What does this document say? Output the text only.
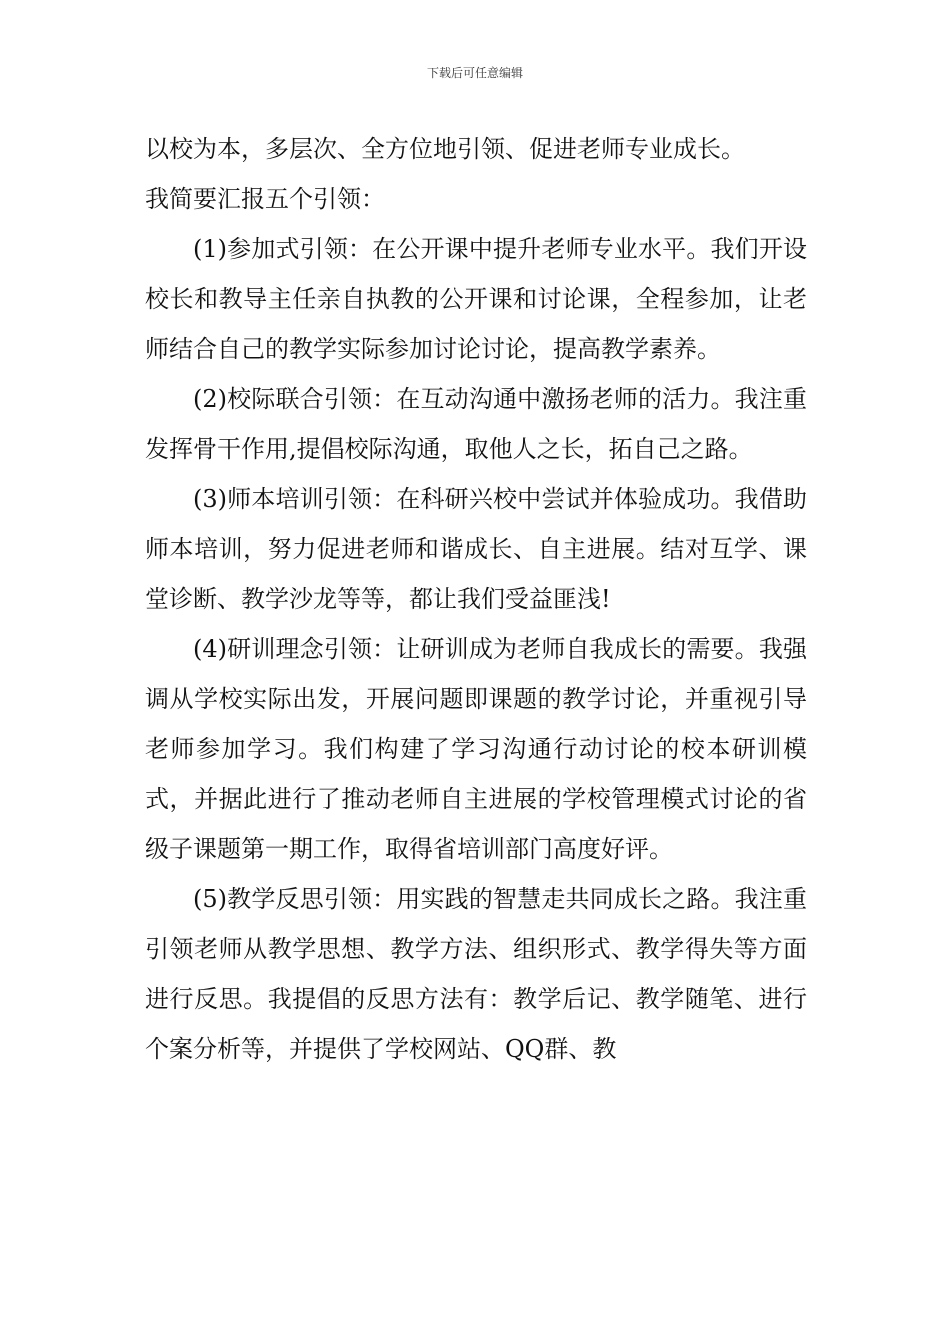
下载后可任意编辑

以校为本，多层次、全方位地引领、促进老师专业成长。

我简要汇报五个引领：

(1)参加式引领：在公开课中提升老师专业水平。我们开设校长和教导主任亲自执教的公开课和讨论课，全程参加，让老师结合自己的教学实际参加讨论讨论，提高教学素养。

(2)校际联合引领：在互动沟通中激扬老师的活力。我注重发挥骨干作用,提倡校际沟通，取他人之长，拓自己之路。

(3)师本培训引领：在科研兴校中尝试并体验成功。我借助师本培训，努力促进老师和谐成长、自主进展。结对互学、课堂诊断、教学沙龙等等，都让我们受益匪浅!

(4)研训理念引领：让研训成为老师自我成长的需要。我强调从学校实际出发，开展问题即课题的教学讨论，并重视引导老师参加学习。我们构建了学习沟通行动讨论的校本研训模式，并据此进行了推动老师自主进展的学校管理模式讨论的省级子课题第一期工作，取得省培训部门高度好评。

(5)教学反思引领：用实践的智慧走共同成长之路。我注重引领老师从教学思想、教学方法、组织形式、教学得失等方面进行反思。我提倡的反思方法有：教学后记、教学随笔、进行个案分析等，并提供了学校网站、QQ群、教
